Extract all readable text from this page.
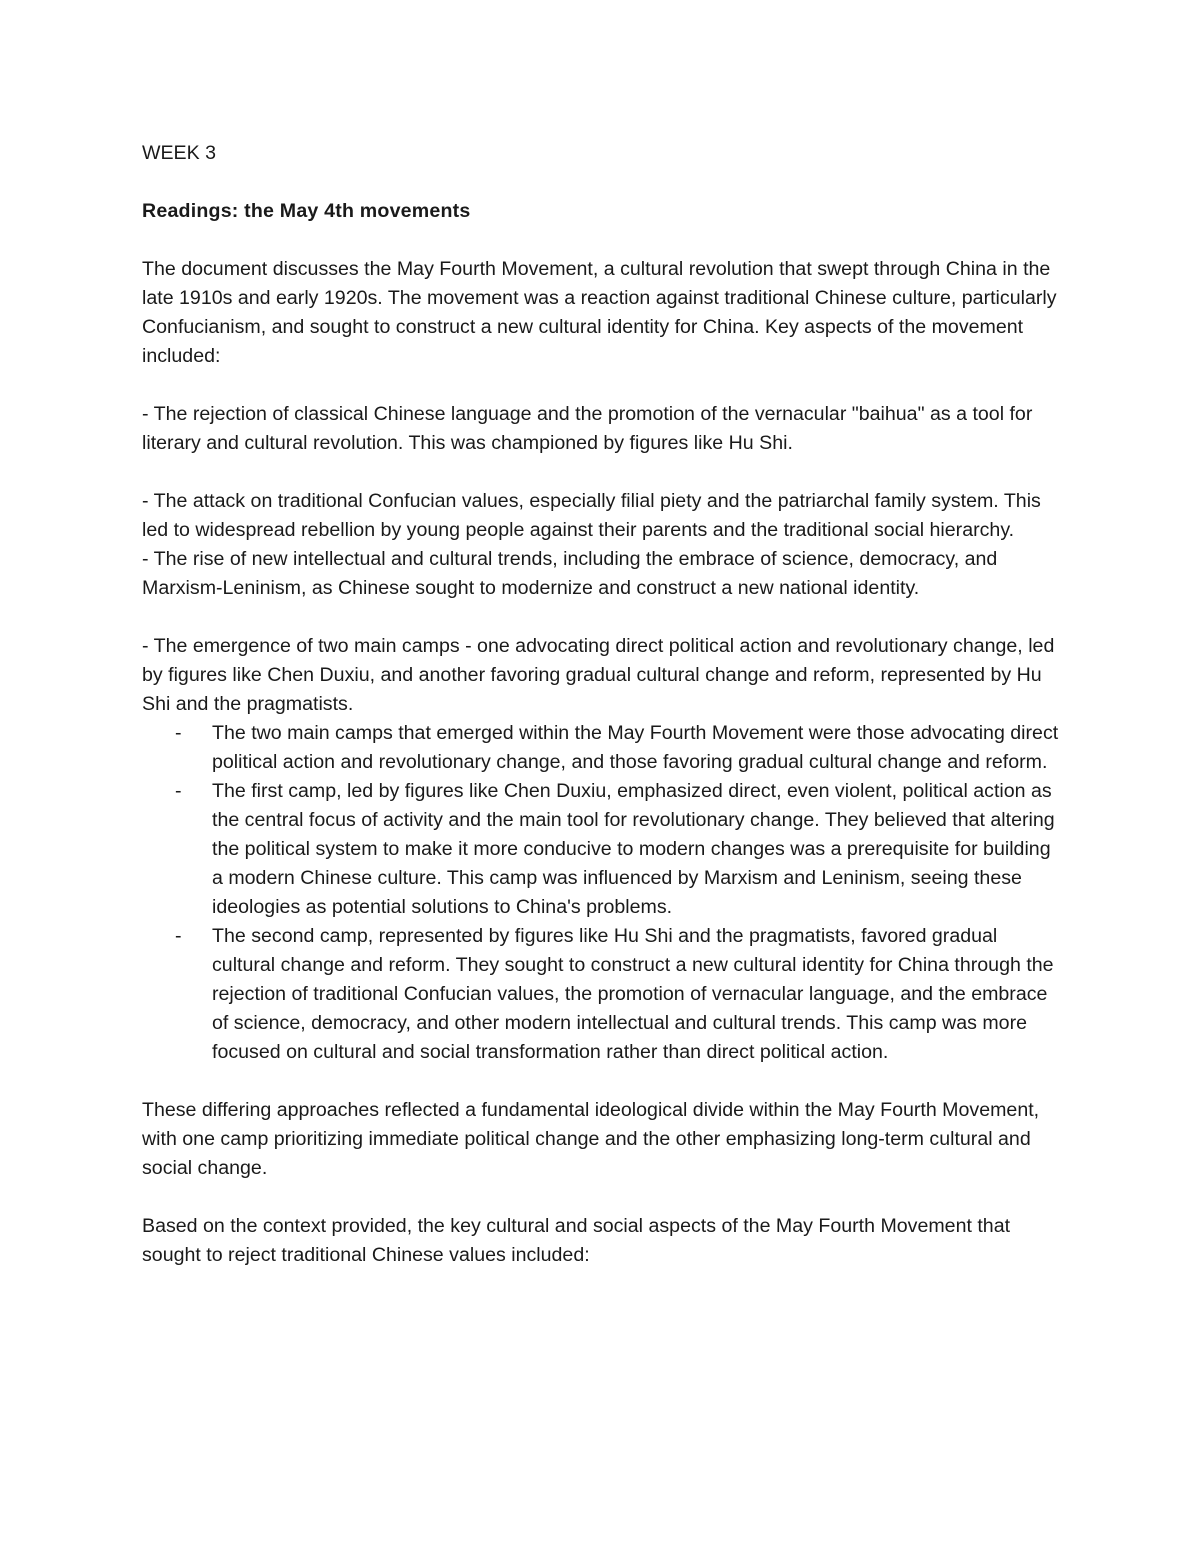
WEEK 3

Readings: the May 4th movements

The document discusses the May Fourth Movement, a cultural revolution that swept through China in the late 1910s and early 1920s. The movement was a reaction against traditional Chinese culture, particularly Confucianism, and sought to construct a new cultural identity for China. Key aspects of the movement included:

- The rejection of classical Chinese language and the promotion of the vernacular "baihua" as a tool for literary and cultural revolution. This was championed by figures like Hu Shi.

- The attack on traditional Confucian values, especially filial piety and the patriarchal family system. This led to widespread rebellion by young people against their parents and the traditional social hierarchy.

- The rise of new intellectual and cultural trends, including the embrace of science, democracy, and Marxism-Leninism, as Chinese sought to modernize and construct a new national identity.

- The emergence of two main camps - one advocating direct political action and revolutionary change, led by figures like Chen Duxiu, and another favoring gradual cultural change and reform, represented by Hu Shi and the pragmatists.

- The two main camps that emerged within the May Fourth Movement were those advocating direct political action and revolutionary change, and those favoring gradual cultural change and reform.
- The first camp, led by figures like Chen Duxiu, emphasized direct, even violent, political action as the central focus of activity and the main tool for revolutionary change. They believed that altering the political system to make it more conducive to modern changes was a prerequisite for building a modern Chinese culture. This camp was influenced by Marxism and Leninism, seeing these ideologies as potential solutions to China's problems.
- The second camp, represented by figures like Hu Shi and the pragmatists, favored gradual cultural change and reform. They sought to construct a new cultural identity for China through the rejection of traditional Confucian values, the promotion of vernacular language, and the embrace of science, democracy, and other modern intellectual and cultural trends. This camp was more focused on cultural and social transformation rather than direct political action.

These differing approaches reflected a fundamental ideological divide within the May Fourth Movement, with one camp prioritizing immediate political change and the other emphasizing long-term cultural and social change.

Based on the context provided, the key cultural and social aspects of the May Fourth Movement that sought to reject traditional Chinese values included:
